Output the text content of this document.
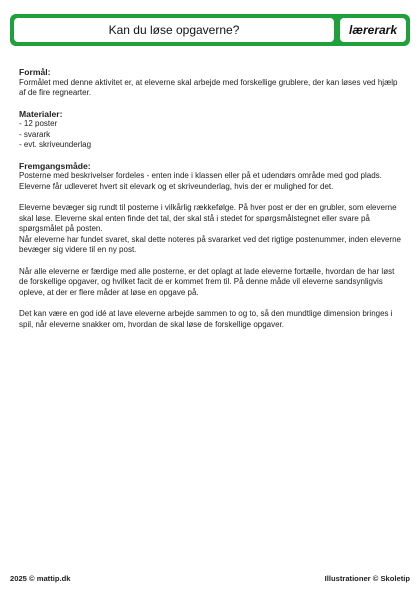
Kan du løse opgaverne?	lærerark

Formål:

Formålet med denne aktivitet er, at eleverne skal arbejde med forskellige grublere, der kan løses ved hjælp af de fire regnearter.

Materialer:

- 12 poster
- svarark
- evt. skriveunderlag

Fremgangsmåde:

Posterne med beskrivelser fordeles - enten inde i klassen eller på et udendørs område med god plads. Eleverne får udleveret hvert sit elevark og et skriveunderlag, hvis der er mulighed for det.

Eleverne bevæger sig rundt til posterne i vilkårlig rækkefølge. På hver post er der en grubler, som eleverne skal løse. Eleverne skal enten finde det tal, der skal stå i stedet for spørgsmålstegnet eller svare på spørgsmålet på posten.

Når eleverne har fundet svaret, skal dette noteres på svararket ved det rigtige postenummer, inden eleverne bevæger sig videre til en ny post.

Når alle eleverne er færdige med alle posterne, er det oplagt at lade eleverne fortælle, hvordan de har løst de forskellige opgaver, og hvilket facit de er kommet frem til. På denne måde vil eleverne sandsynligvis opleve, at der er flere måder at løse en opgave på.

Det kan være en god idé at lave eleverne arbejde sammen to og to, så den mundtlige dimension bringes i spil, når eleverne snakker om, hvordan de skal løse de forskellige opgaver.

2025 © mattip.dk	Illustrationer © Skoletip
